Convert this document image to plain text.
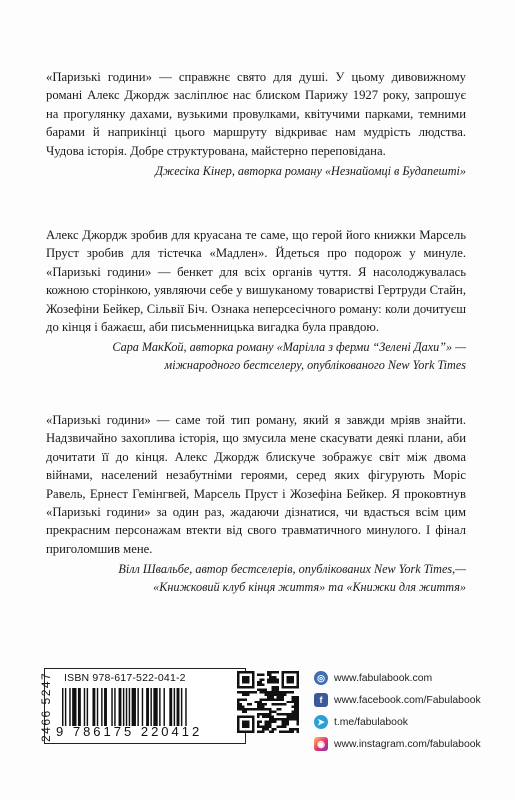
«Паризькі години» — справжнє свято для душі. У цьому дивовижному романі Алекс Джордж засліплює нас блиском Парижу 1927 року, запрошує на прогулянку дахами, вузькими провулками, квітучими парками, темними барами й наприкінці цього маршруту відкриває нам мудрість людства. Чудова історія. Добре структурована, майстерно переповідана.

Джесіка Кінер, авторка роману «Незнайомці в Будапешті»

Алекс Джордж зробив для круасана те саме, що герой його книжки Марсель Пруст зробив для тістечка «Мадлен». Йдеться про подорож у минуле. «Паризькі години» — бенкет для всіх органів чуття. Я насолоджувалась кожною сторінкою, уявляючи себе у вишуканому товаристві Гертруди Стайн, Жозефіни Бейкер, Сільвії Біч. Ознака неперсесічного роману: коли дочитуєш до кінця і бажаєш, аби письменницька вигадка була правдою.

Сара МакКой, авторка роману «Марілла з ферми “Зелені Дахи”» —
міжнародного бестселеру, опублікованого New York Times

«Паризькі години» — саме той тип роману, який я завжди мріяв знайти. Надзвичайно захоплива історія, що змусила мене скасувати деякі плани, аби дочитати її до кінця. Алекс Джордж блискуче зображує світ між двома війнами, населений незабутніми героями, серед яких фігурують Моріс Равель, Ернест Гемінгвей, Марсель Пруст і Жозефіна Бейкер. Я проковтнув «Паризькі години» за один раз, жадаючи дізнатися, чи вдасться всім цим прекрасним персонажам втекти від свого травматичного минулого. І фінал приголомшив мене.

Вілл Швальбе, автор бестселерів, опублікованих New York Times,—
«Книжковий клуб кінця життя» та «Книжки для життя»
2466 5247 ISBN 978-617-522-041-2
9 786175 220412
◎ www.fabulabook.com
f	www.facebook.com/Fabulabook
➤ t.me/fabulabook
◉ www.instagram.com/fabulabook
